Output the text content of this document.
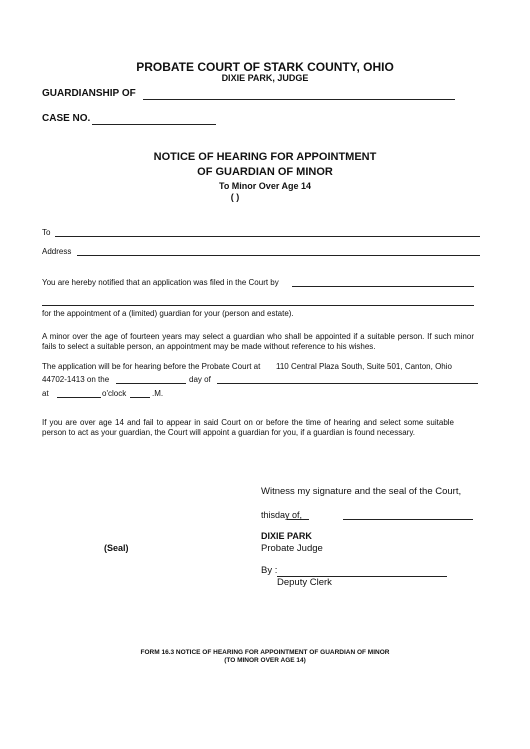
PROBATE COURT OF STARK COUNTY, OHIO
DIXIE PARK, JUDGE
GUARDIANSHIP OF
CASE NO.
NOTICE OF HEARING FOR APPOINTMENT
OF GUARDIAN OF MINOR
To Minor Over Age 14
( )
To
Address
You are hereby notified that an application was filed in the Court by
for the appointment of a (limited) guardian for your (person and estate).
A minor over the age of fourteen years may select a guardian who shall be appointed if a suitable person. If such minor fails to select a suitable person, an appointment may be made without reference to his wishes.
The application will be for hearing before the Probate Court at 110 Central Plaza South, Suite 501, Canton, Ohio
44702-1413 on the	day of
at	o'clock	.M.
If you are over age 14 and fail to appear in said Court on or before the time of hearing and select some suitable person to act as your guardian, the Court will appoint a guardian for you, if a guardian is found necessary.
Witness my signature and the seal of the Court,
thisday of,
DIXIE PARK
Probate Judge
(Seal)
By :
Deputy Clerk
FORM 16.3 NOTICE OF HEARING FOR APPOINTMENT OF GUARDIAN OF MINOR
(TO MINOR OVER AGE 14)
